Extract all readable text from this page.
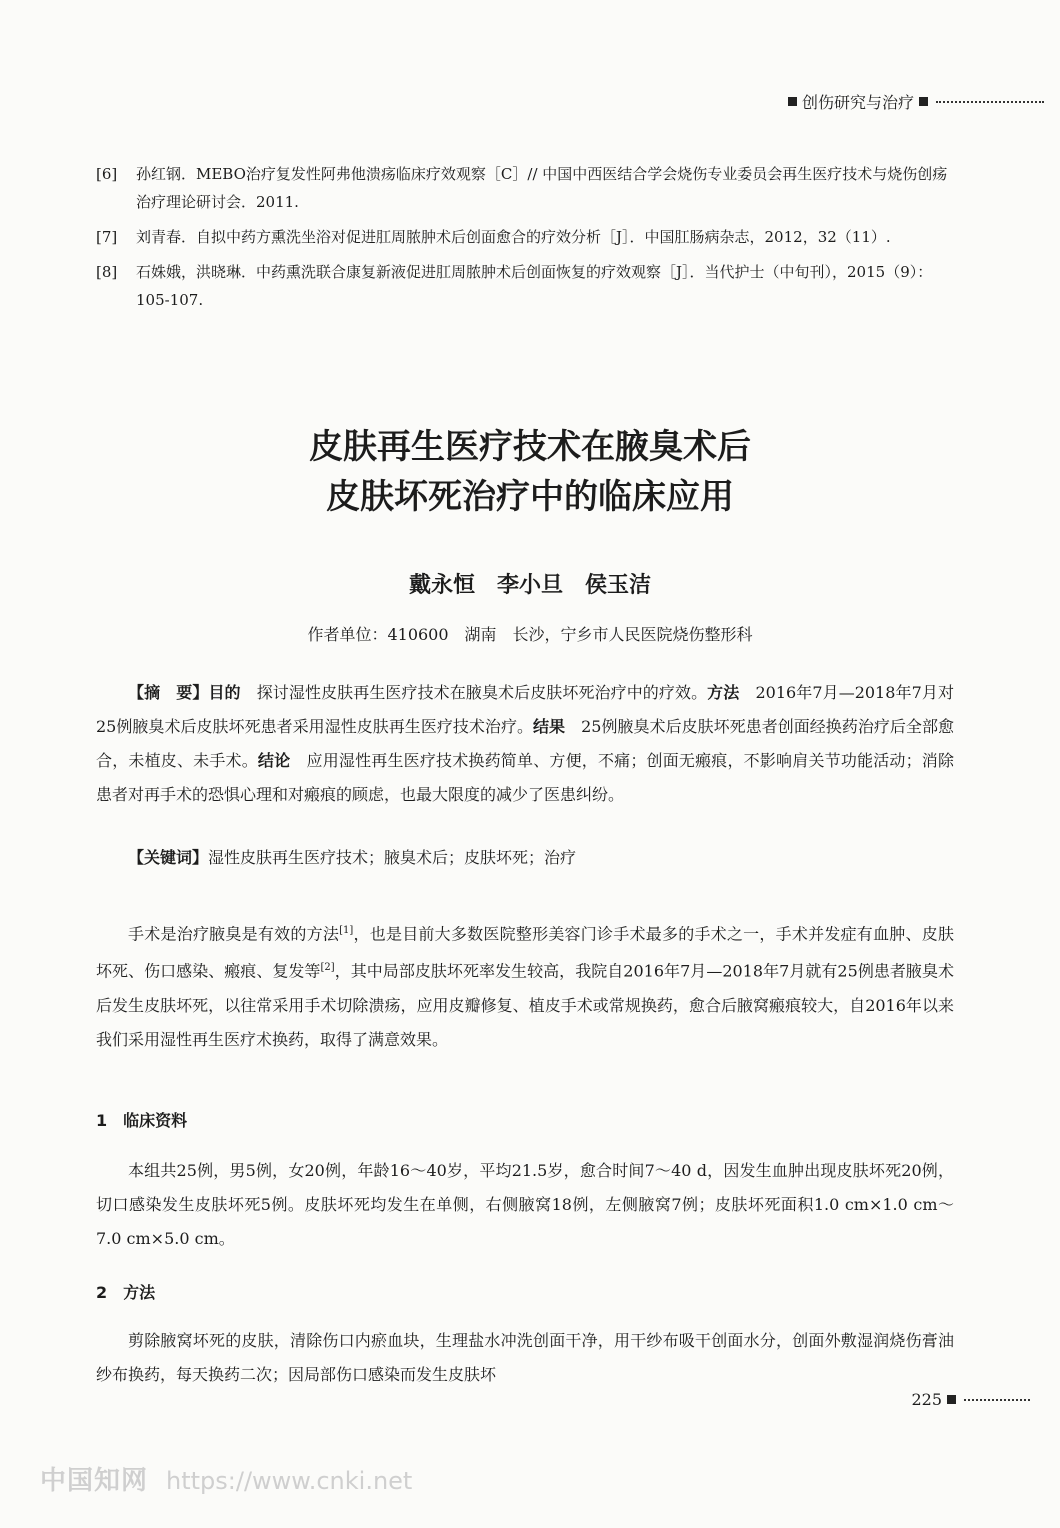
创伤研究与治疗
[6]	孙红钢．MEBO治疗复发性阿弗他溃疡临床疗效观察［C］// 中国中西医结合学会烧伤专业委员会再生医疗技术与烧伤创疡治疗理论研讨会．2011.
[7]	刘青春．自拟中药方熏洗坐浴对促进肛周脓肿术后创面愈合的疗效分析［J］．中国肛肠病杂志，2012，32（11）.
[8]	石姝娥，洪晓琳．中药熏洗联合康复新液促进肛周脓肿术后创面恢复的疗效观察［J］．当代护士（中旬刊），2015（9）：105-107.
皮肤再生医疗技术在腋臭术后
皮肤坏死治疗中的临床应用
戴永恒　李小旦　侯玉洁
作者单位：410600　湖南　长沙，宁乡市人民医院烧伤整形科
【摘　要】目的　 探讨湿性皮肤再生医疗技术在腋臭术后皮肤坏死治疗中的疗效。方法　 2016年7月—2018年7月对25例腋臭术后皮肤坏死患者采用湿性皮肤再生医疗技术治疗。结果　 25例腋臭术后皮肤坏死患者创面经换药治疗后全部愈合，未植皮、未手术。结论　 应用湿性再生医疗技术换药简单、方便，不痛；创面无瘢痕，不影响肩关节功能活动；消除患者对再手术的恐惧心理和对瘢痕的顾虑，也最大限度的减少了医患纠纷。
【关键词】湿性皮肤再生医疗技术；腋臭术后；皮肤坏死；治疗
手术是治疗腋臭是有效的方法[1]，也是目前大多数医院整形美容门诊手术最多的手术之一，手术并发症有血肿、皮肤坏死、伤口感染、瘢痕、复发等[2]，其中局部皮肤坏死率发生较高，我院自2016年7月—2018年7月就有25例患者腋臭术后发生皮肤坏死，以往常采用手术切除溃疡，应用皮瓣修复、植皮手术或常规换药，愈合后腋窝瘢痕较大，自2016年以来我们采用湿性再生医疗术换药，取得了满意效果。
1　临床资料
本组共25例，男5例，女20例，年龄16～40岁，平均21.5岁，愈合时间7～40 d，因发生血肿出现皮肤坏死20例，切口感染发生皮肤坏死5例。皮肤坏死均发生在单侧，右侧腋窝18例，左侧腋窝7例；皮肤坏死面积1.0 cm×1.0 cm～7.0 cm×5.0 cm。
2　方法
剪除腋窝坏死的皮肤，清除伤口内瘀血块，生理盐水冲洗创面干净，用干纱布吸干创面水分，创面外敷湿润烧伤膏油纱布换药，每天换药二次；因局部伤口感染而发生皮肤坏
225
中国知网 https://www.cnki.net
